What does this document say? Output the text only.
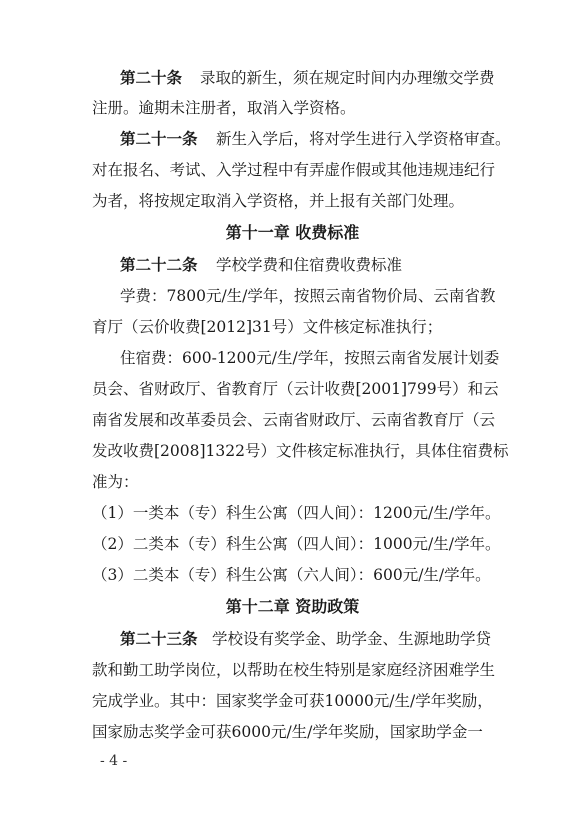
第二十条 录取的新生，须在规定时间内办理缴交学费
注册。逾期未注册者，取消入学资格。
第二十一条 新生入学后，将对学生进行入学资格审查。
对在报名、考试、入学过程中有弄虚作假或其他违规违纪行
为者，将按规定取消入学资格，并上报有关部门处理。
第十一章 收费标准
第二十二条 学校学费和住宿费收费标准
学费：7800元/生/学年，按照云南省物价局、云南省教
育厅（云价收费[2012]31号）文件核定标准执行；
住宿费：600-1200元/生/学年，按照云南省发展计划委
员会、省财政厅、省教育厅（云计收费[2001]799号）和云
南省发展和改革委员会、云南省财政厅、云南省教育厅（云
发改收费[2008]1322号）文件核定标准执行，具体住宿费标
准为：
（1）一类本（专）科生公寓（四人间）：1200元/生/学年。
（2）二类本（专）科生公寓（四人间）：1000元/生/学年。
（3）二类本（专）科生公寓（六人间）：600元/生/学年。
第十二章 资助政策
第二十三条 学校设有奖学金、助学金、生源地助学贷
款和勤工助学岗位，以帮助在校生特别是家庭经济困难学生
完成学业。其中：国家奖学金可获10000元/生/学年奖励，
国家励志奖学金可获6000元/生/学年奖励，国家助学金一
- 4 -
